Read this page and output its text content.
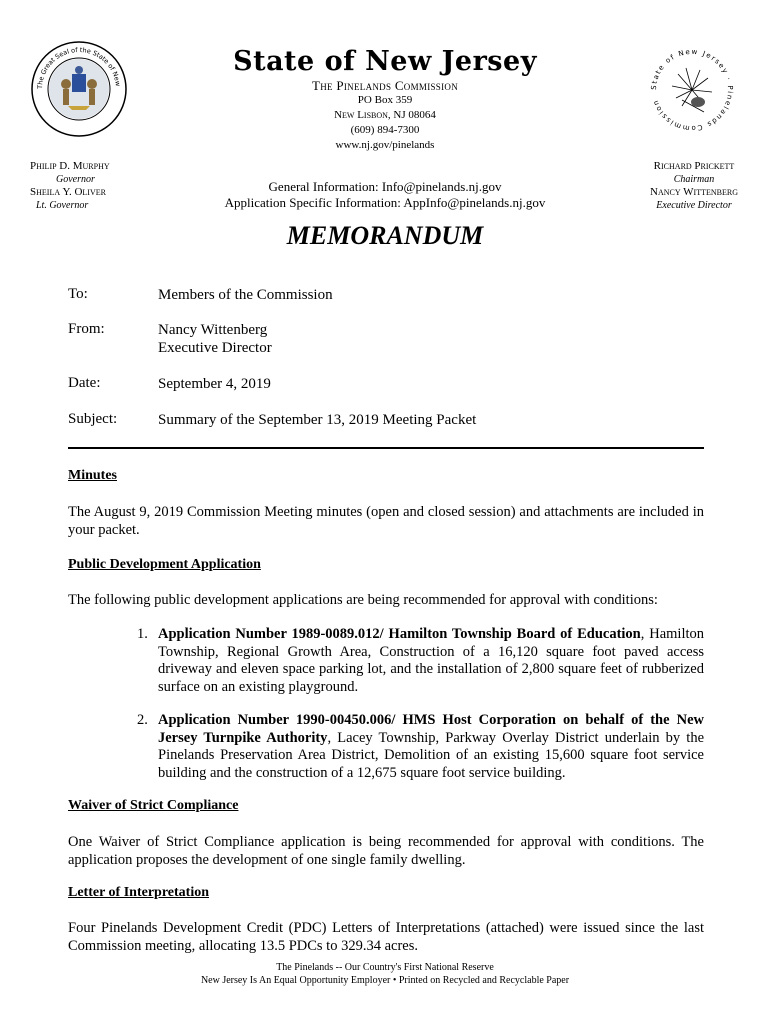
The Great Seal of the State of New
State of New Jersey · Pinelands Commission
State of New Jersey
The Pinelands Commission
PO Box 359
New Lisbon, NJ 08064
(609) 894-7300
www.nj.gov/pinelands
Philip D. Murphy
Governor
Sheila Y. Oliver
Lt. Governor
Richard Prickett
Chairman
Nancy Wittenberg
Executive Director
General Information: Info@pinelands.nj.gov
Application Specific Information: AppInfo@pinelands.nj.gov
MEMORANDUM
To:	Members of the Commission
From:	Nancy Wittenberg
Executive Director
Date:	September 4, 2019
Subject:	Summary of the September 13, 2019 Meeting Packet
Minutes
The August 9, 2019 Commission Meeting minutes (open and closed session) and attachments are included in your packet.
Public Development Application
The following public development applications are being recommended for approval with conditions:
1. Application Number 1989-0089.012/ Hamilton Township Board of Education, Hamilton Township, Regional Growth Area, Construction of a 16,120 square foot paved access driveway and eleven space parking lot, and the installation of 2,800 square feet of rubberized surface on an existing playground.
2. Application Number 1990-00450.006/ HMS Host Corporation on behalf of the New Jersey Turnpike Authority, Lacey Township, Parkway Overlay District underlain by the Pinelands Preservation Area District, Demolition of an existing 15,600 square foot service building and the construction of a 12,675 square foot service building.
Waiver of Strict Compliance
One Waiver of Strict Compliance application is being recommended for approval with conditions. The application proposes the development of one single family dwelling.
Letter of Interpretation
Four Pinelands Development Credit (PDC) Letters of Interpretations (attached) were issued since the last Commission meeting, allocating 13.5 PDCs to 329.34 acres.
The Pinelands -- Our Country's First National Reserve
New Jersey Is An Equal Opportunity Employer • Printed on Recycled and Recyclable Paper
